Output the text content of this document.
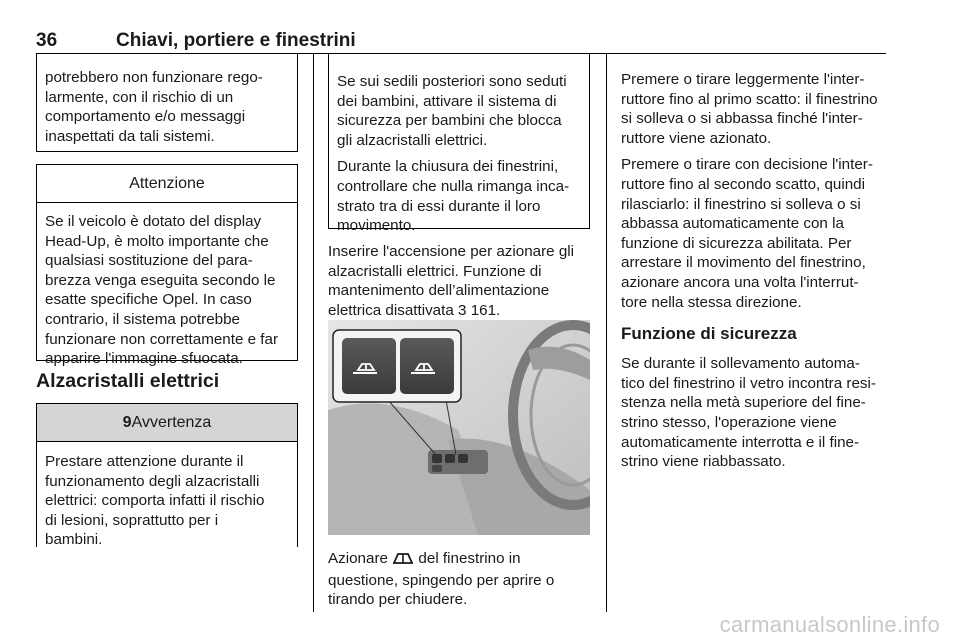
36	Chiavi, portiere e finestrini
potrebbero non funzionare rego-
larmente, con il rischio di un
comportamento e/o messaggi
inaspettati da tali sistemi.
Attenzione
Se il veicolo è dotato del display
Head-Up, è molto importante che
qualsiasi sostituzione del para-
brezza venga eseguita secondo le
esatte specifiche Opel. In caso
contrario, il sistema potrebbe
funzionare non correttamente e far
apparire l'immagine sfuocata.
Alzacristalli elettrici
9Avvertenza
Prestare attenzione durante il
funzionamento degli alzacristalli
elettrici: comporta infatti il rischio
di lesioni, soprattutto per i
bambini.
Se sui sedili posteriori sono seduti
dei bambini, attivare il sistema di
sicurezza per bambini che blocca
gli alzacristalli elettrici.
Durante la chiusura dei finestrini,
controllare che nulla rimanga inca-
strato tra di essi durante il loro
movimento.
Inserire l'accensione per azionare gli
alzacristalli elettrici. Funzione di
mantenimento dell’alimentazione
elettrica disattivata 3 161.
Azionare del finestrino in
questione, spingendo per aprire o
tirando per chiudere.
Premere o tirare leggermente l'inter-
ruttore fino al primo scatto: il finestrino
si solleva o si abbassa finché l'inter-
ruttore viene azionato.
Premere o tirare con decisione l'inter-
ruttore fino al secondo scatto, quindi
rilasciarlo: il finestrino si solleva o si
abbassa automaticamente con la
funzione di sicurezza abilitata. Per
arrestare il movimento del finestrino,
azionare ancora una volta l'interrut-
tore nella stessa direzione.
Funzione di sicurezza
Se durante il sollevamento automa-
tico del finestrino il vetro incontra resi-
stenza nella metà superiore del fine-
strino stesso, l'operazione viene
automaticamente interrotta e il fine-
strino viene riabbassato.
carmanualsonline.info
